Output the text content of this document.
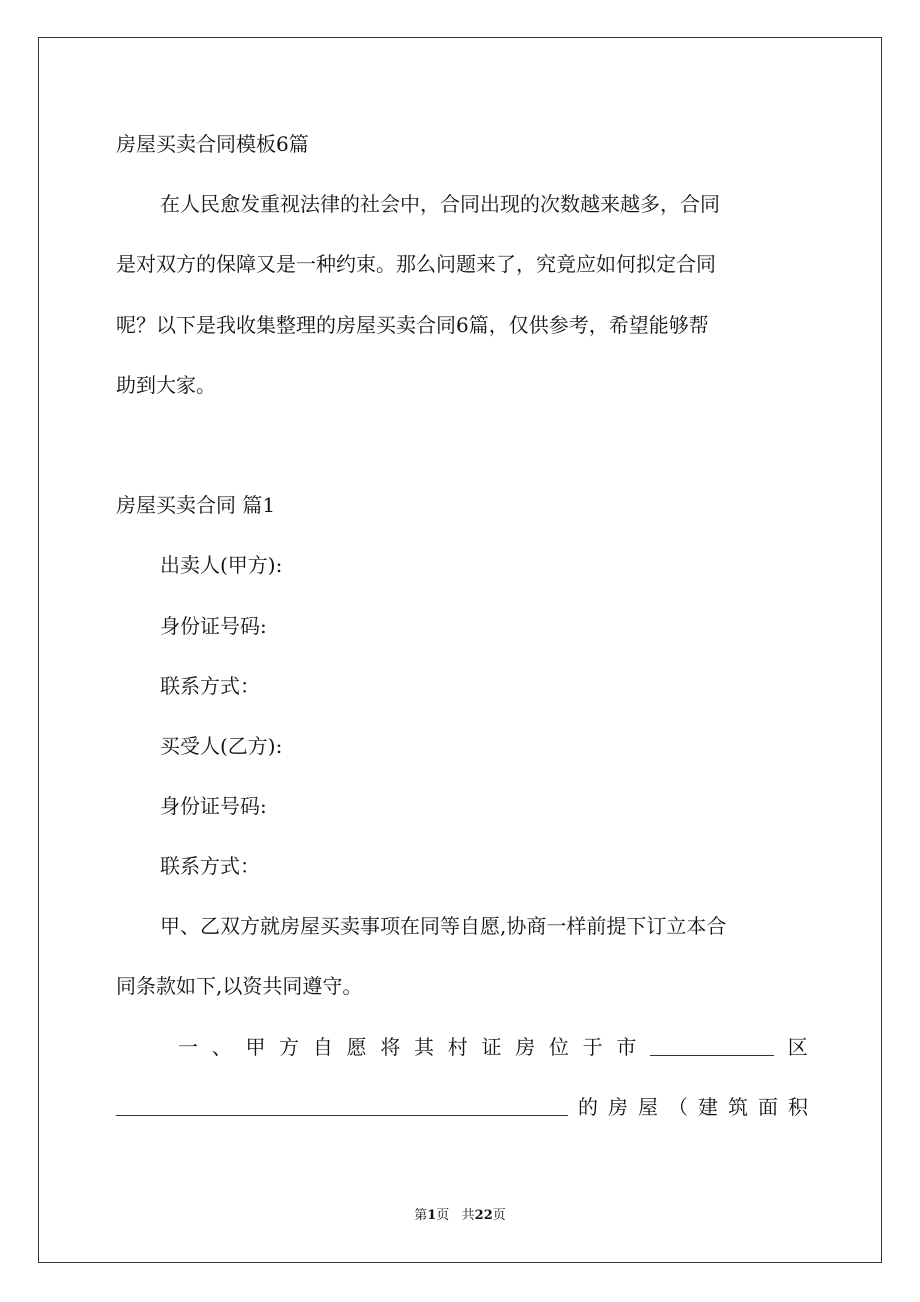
房屋买卖合同模板6篇
在人民愈发重视法律的社会中，合同出现的次数越来越多，合同
是对双方的保障又是一种约束。那么问题来了，究竟应如何拟定合同
呢？以下是我收集整理的房屋买卖合同6篇，仅供参考，希望能够帮
助到大家。
房屋买卖合同 篇1
出卖人(甲方):
身份证号码:
联系方式：
买受人(乙方):
身份证号码:
联系方式：
甲、乙双方就房屋买卖事项在同等自愿,协商一样前提下订立本合
同条款如下,以资共同遵守。
一 、 甲 方 自 愿 将 其 村 证 房 位 于 市	区
的 房 屋 （ 建 筑 面 积
第1页   共22页
